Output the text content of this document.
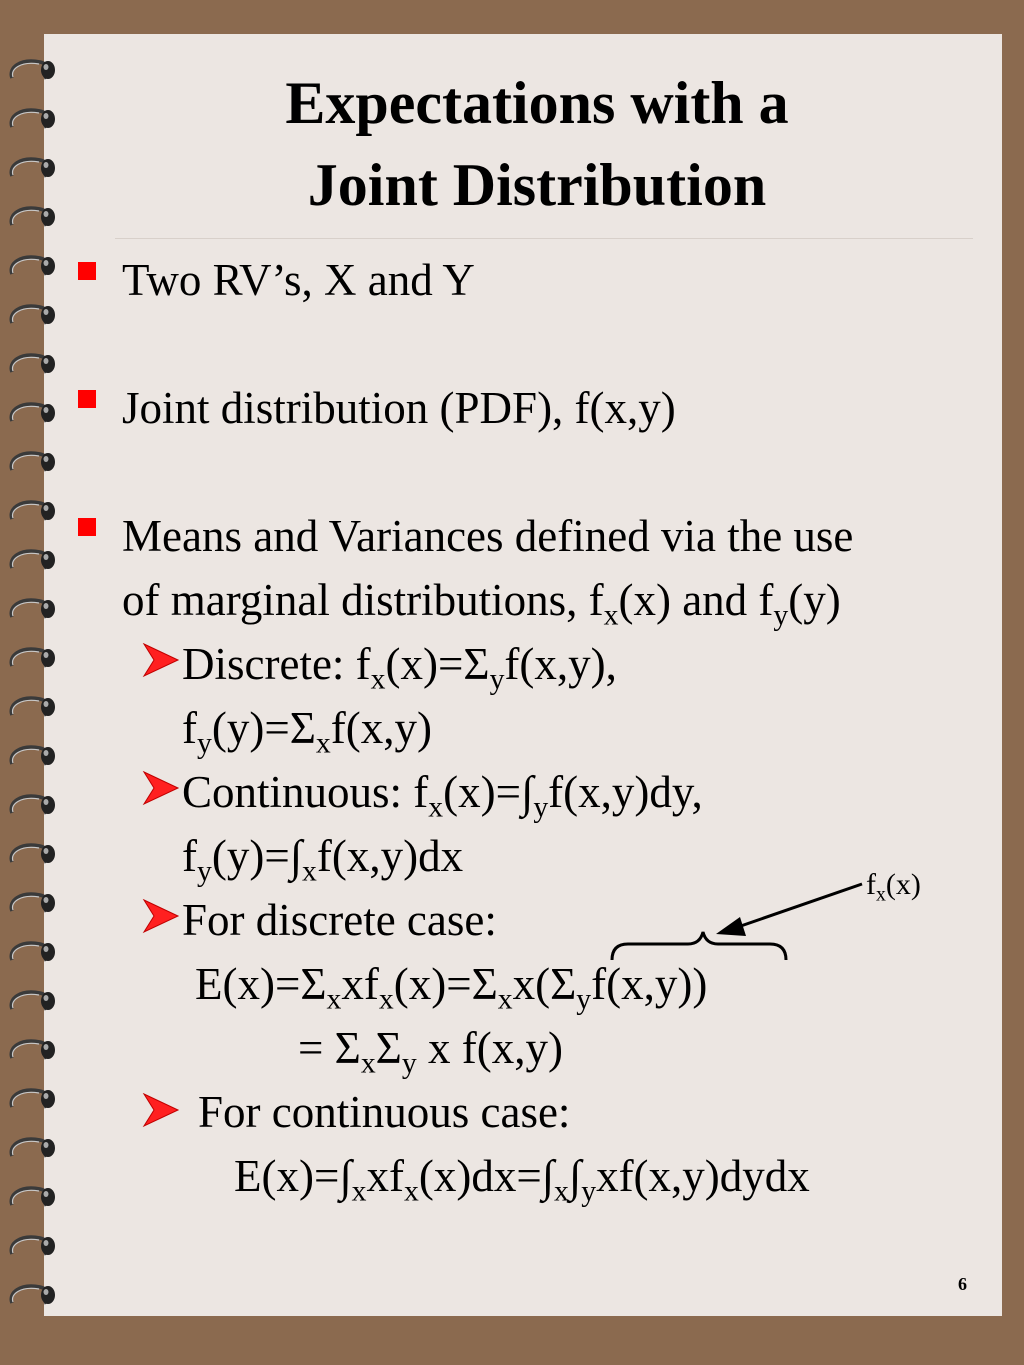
Expectations with a
Joint Distribution
Two RV’s, X and Y
Joint distribution (PDF), f(x,y)
Means and Variances defined via the use
of marginal distributions, $f_x(x)$ and $f_y(y)$
Discrete: $f_x(x)=\Sigma_yf(x,y)$,
$f_y(y)=\Sigma_xf(x,y)$
Continuous: $f_x(x)=\int_yf(x,y)dy$,
$f_y(y)=\int_xf(x,y)dx$
For discrete case:
$E(x)=\Sigma_xxf_x(x)=\Sigma_xx(\Sigma_yf(x,y))$
= $\Sigma_x\Sigma_y$ x f(x,y)
For continuous case:
$E(x)=\int_xxf_x(x)dx=\int_x\int_yxf(x,y)dydx$
$f_x(x)$
6
